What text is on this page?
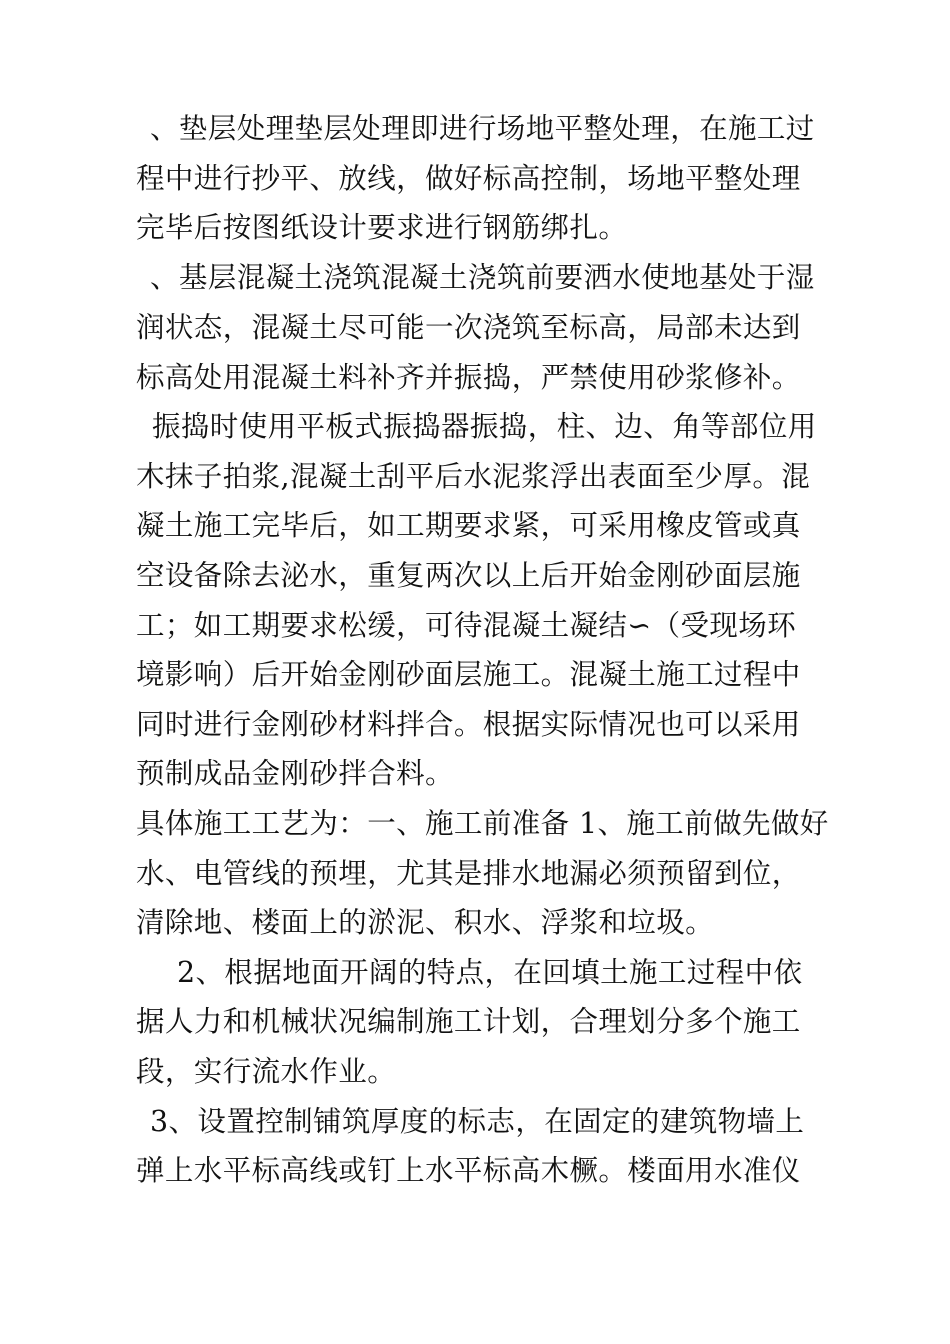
、垫层处理垫层处理即进行场地平整处理，在施工过
程中进行抄平、放线，做好标高控制，场地平整处理
完毕后按图纸设计要求进行钢筋绑扎。
、基层混凝土浇筑混凝土浇筑前要洒水使地基处于湿
润状态，混凝土尽可能一次浇筑至标高，局部未达到
标高处用混凝土料补齐并振捣，严禁使用砂浆修补。
振捣时使用平板式振捣器振捣，柱、边、角等部位用
木抹子拍浆,混凝土刮平后水泥浆浮出表面至少厚。混
凝土施工完毕后，如工期要求紧，可采用橡皮管或真
空设备除去泌水，重复两次以上后开始金刚砂面层施
工；如工期要求松缓，可待混凝土凝结∽（受现场环
境影响）后开始金刚砂面层施工。混凝土施工过程中
同时进行金刚砂材料拌合。根据实际情况也可以采用
预制成品金刚砂拌合料。
具体施工工艺为：一、施工前准备 1、施工前做先做好
水、电管线的预埋，尤其是排水地漏必须预留到位，
清除地、楼面上的淤泥、积水、浮浆和垃圾。
2、根据地面开阔的特点，在回填土施工过程中依
据人力和机械状况编制施工计划，合理划分多个施工
段，实行流水作业。
3、设置控制铺筑厚度的标志，在固定的建筑物墙上
弹上水平标高线或钉上水平标高木橛。楼面用水准仪
